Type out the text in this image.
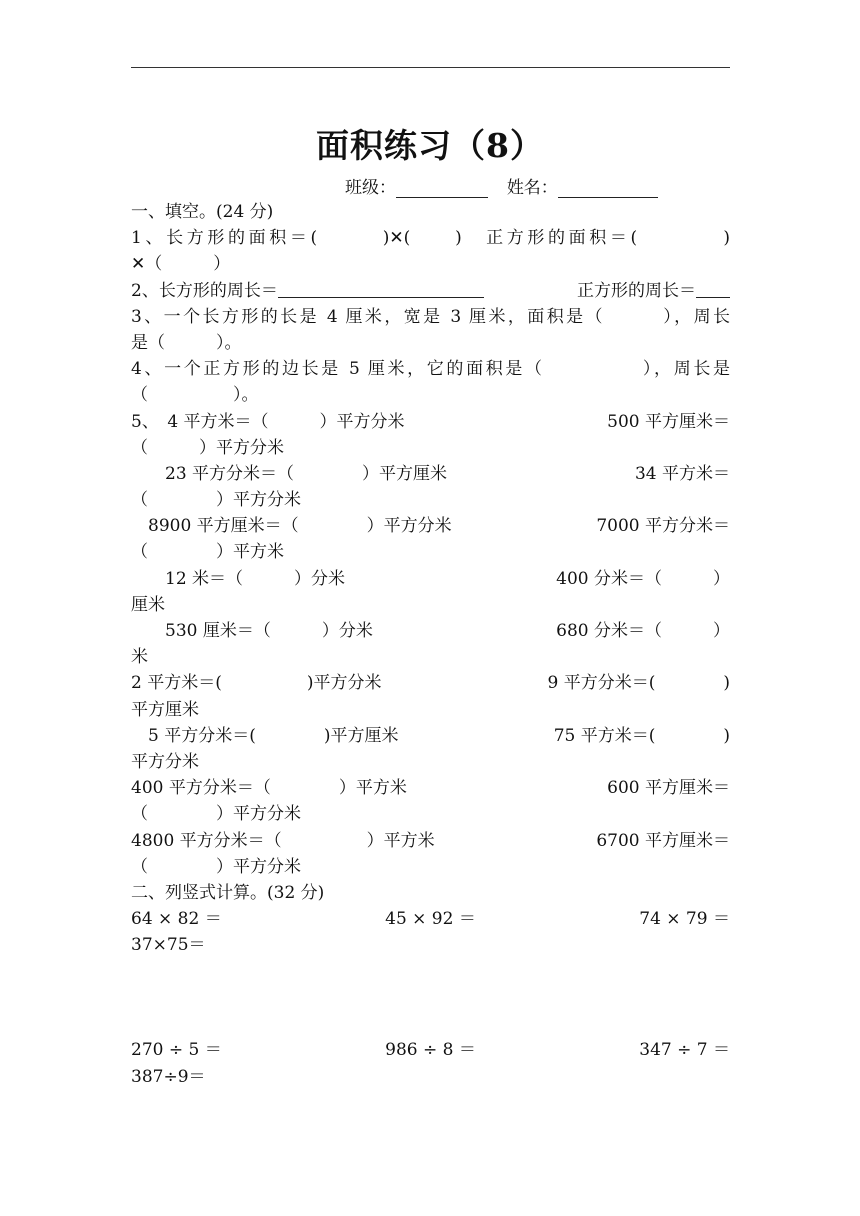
面积练习（8）
班级：	姓名：
一、填空。(24 分)
1、长方形的面积＝(　　　)✕(　　)　正方形的面积＝(　　　　)
✕（　　　）
2、长方形的周长＝	正方形的周长＝
3、一个长方形的长是 4 厘米，宽是 3 厘米，面积是（　　　），周长
是（　　　）。
4、一个正方形的边长是 5 厘米，它的面积是（　　　　　），周长是
（　　　　　）。
5、　4 平方米＝（　　　）平方分米	500 平方厘米＝
（　　　）平方分米
　　23 平方分米＝（　　　　）平方厘米	34 平方米＝
（　　　　）平方分米
　8900 平方厘米＝（　　　　）平方分米	7000 平方分米＝
（　　　　）平方米
　　12 米＝（　　　）分米	400 分米＝（　　　）
厘米
　　530 厘米＝（　　　）分米	680 分米＝（　　　）
米
2 平方米＝(　　　　　)平方分米	9 平方分米＝(　　　　)
平方厘米
　5 平方分米＝(　　　　)平方厘米	75 平方米＝(　　　　)
平方分米
400 平方分米＝（　　　　）平方米	600 平方厘米＝
（　　　　）平方分米
4800 平方分米＝（　　　　　）平方米	6700 平方厘米＝
（　　　　）平方分米
二、列竖式计算。(32 分)
64 × 82 ＝	45 × 92 ＝	74 × 79 ＝
37×75＝
270 ÷ 5 ＝	986 ÷ 8 ＝	347 ÷ 7 ＝
387÷9＝
